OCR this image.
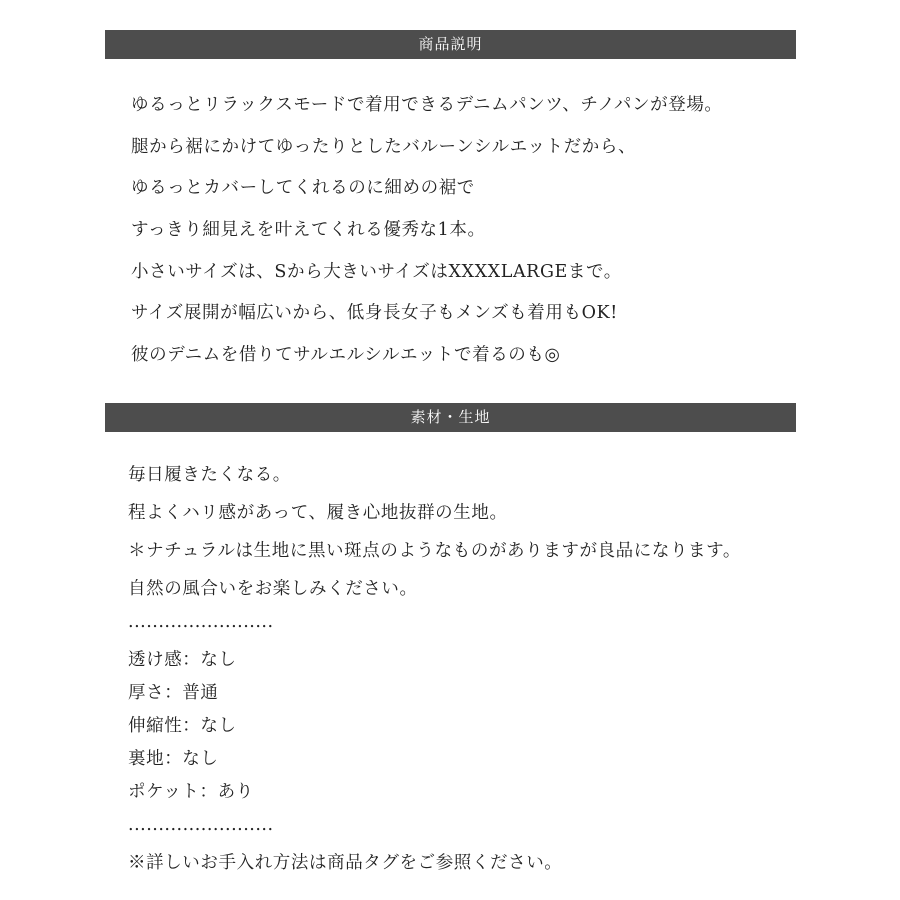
商品説明
ゆるっとリラックスモードで着用できるデニムパンツ、チノパンが登場。
腿から裾にかけてゆったりとしたバルーンシルエットだから、
ゆるっとカバーしてくれるのに細めの裾で
すっきり細見えを叶えてくれる優秀な1本。
小さいサイズは、Sから大きいサイズはXXXXLARGEまで。
サイズ展開が幅広いから、低身長女子もメンズも着用もOK!
彼のデニムを借りてサルエルシルエットで着るのも◎
素材・生地
毎日履きたくなる。
程よくハリ感があって、履き心地抜群の生地。
＊ナチュラルは生地に黒い斑点のようなものがありますが良品になります。
自然の風合いをお楽しみください。
........................
透け感：なし
厚さ：普通
伸縮性：なし
裏地：なし
ポケット：あり
........................
※詳しいお手入れ方法は商品タグをご参照ください。
